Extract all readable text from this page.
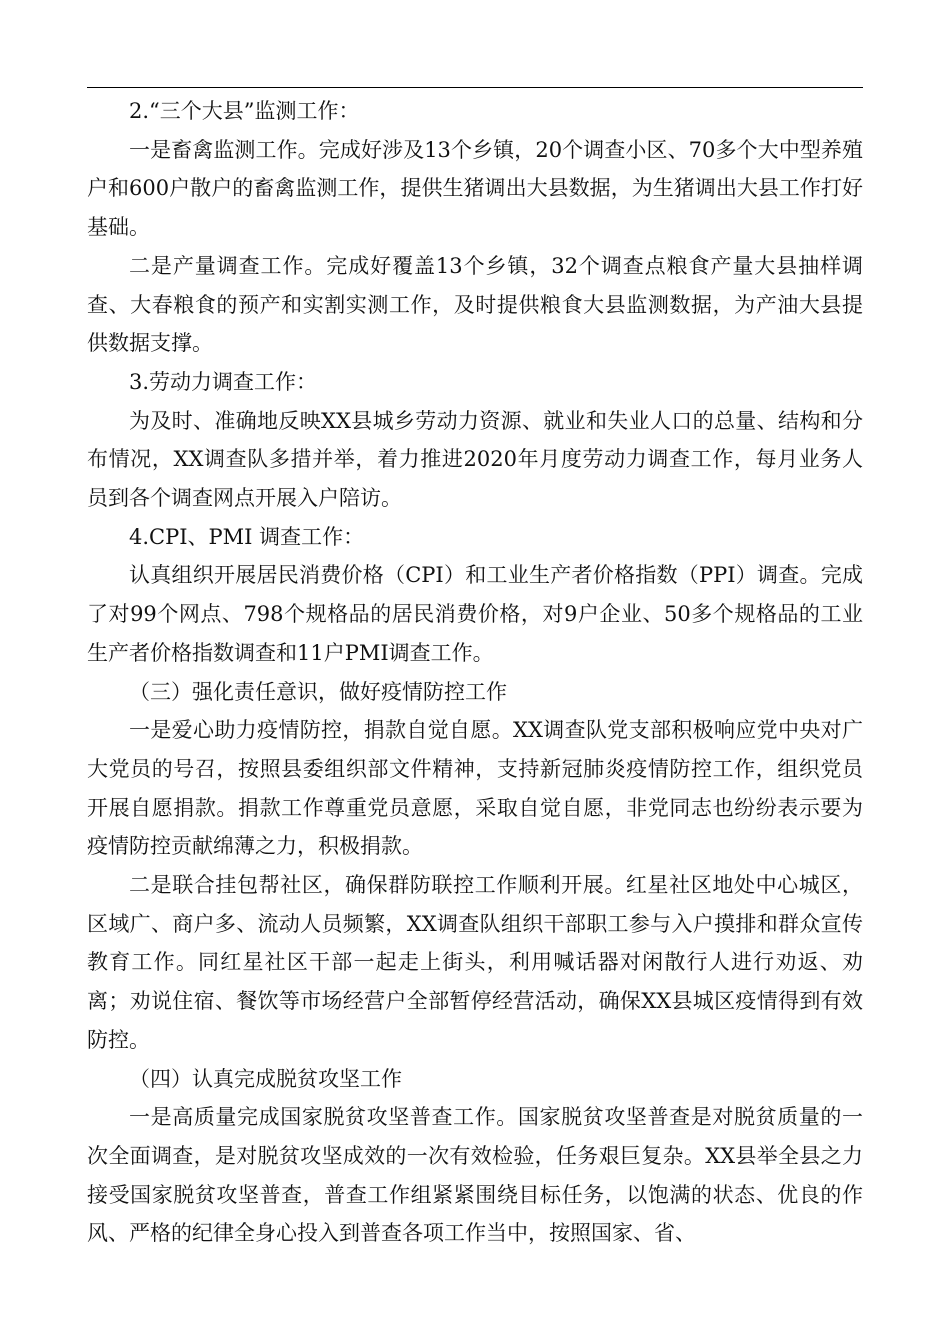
2.“三个大县”监测工作：

一是畜禽监测工作。完成好涉及13个乡镇，20个调查小区、70多个大中型养殖户和600户散户的畜禽监测工作，提供生猪调出大县数据，为生猪调出大县工作打好基础。

二是产量调查工作。完成好覆盖13个乡镇，32个调查点粮食产量大县抽样调查、大春粮食的预产和实割实测工作，及时提供粮食大县监测数据，为产油大县提供数据支撑。

3.劳动力调查工作：

为及时、准确地反映XX县城乡劳动力资源、就业和失业人口的总量、结构和分布情况，XX调查队多措并举，着力推进2020年月度劳动力调查工作，每月业务人员到各个调查网点开展入户陪访。

4.CPI、PMI 调查工作：

认真组织开展居民消费价格（CPI）和工业生产者价格指数（PPI）调查。完成了对99个网点、798个规格品的居民消费价格，对9户企业、50多个规格品的工业生产者价格指数调查和11户PMI调查工作。

（三）强化责任意识，做好疫情防控工作

一是爱心助力疫情防控，捐款自觉自愿。XX调查队党支部积极响应党中央对广大党员的号召，按照县委组织部文件精神，支持新冠肺炎疫情防控工作，组织党员开展自愿捐款。捐款工作尊重党员意愿，采取自觉自愿，非党同志也纷纷表示要为疫情防控贡献绵薄之力，积极捐款。

二是联合挂包帮社区，确保群防联控工作顺利开展。红星社区地处中心城区，区域广、商户多、流动人员频繁，XX调查队组织干部职工参与入户摸排和群众宣传教育工作。同红星社区干部一起走上街头，利用喊话器对闲散行人进行劝返、劝离；劝说住宿、餐饮等市场经营户全部暂停经营活动，确保XX县城区疫情得到有效防控。

（四）认真完成脱贫攻坚工作

一是高质量完成国家脱贫攻坚普查工作。国家脱贫攻坚普查是对脱贫质量的一次全面调查，是对脱贫攻坚成效的一次有效检验，任务艰巨复杂。XX县举全县之力接受国家脱贫攻坚普查，普查工作组紧紧围绕目标任务，以饱满的状态、优良的作风、严格的纪律全身心投入到普查各项工作当中，按照国家、省、
